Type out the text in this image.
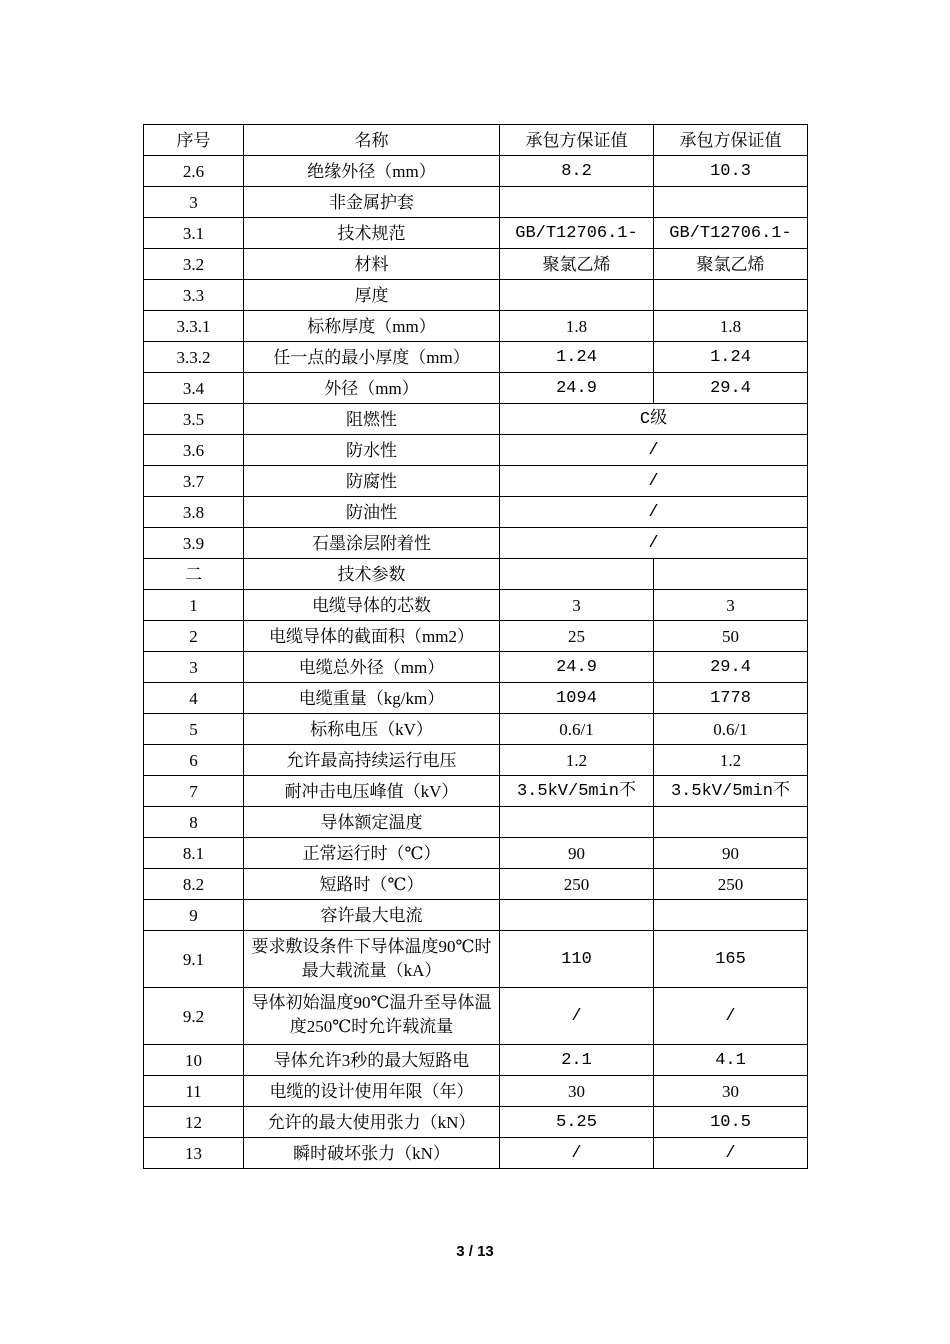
序号	名称	承包方保证值	承包方保证值
2.6	绝缘外径（mm）	8.2	10.3
3	非金属护套		
3.1	技术规范	GB/T12706.1-	GB/T12706.1-
3.2	材料	聚氯乙烯	聚氯乙烯
3.3	厚度		
3.3.1	标称厚度（mm）	1.8	1.8
3.3.2	任一点的最小厚度（mm）	1.24	1.24
3.4	外径（mm）	24.9	29.4
3.5	阻燃性	C级	
3.6	防水性	/	
3.7	防腐性	/	
3.8	防油性	/	
3.9	石墨涂层附着性	/	
二	技术参数		
1	电缆导体的芯数	3	3
2	电缆导体的截面积（mm2）	25	50
3	电缆总外径（mm）	24.9	29.4
4	电缆重量（kg/km）	1094	1778
5	标称电压（kV）	0.6/1	0.6/1
6	允许最高持续运行电压	1.2	1.2
7	耐冲击电压峰值（kV）	3.5kV/5min不	3.5kV/5min不

8	导体额定温度		
8.1	正常运行时（℃）	90	90
8.2	短路时（℃）	250	250
9	容许最大电流		
9.1	要求敷设条件下导体温度90℃时最大载流量（kA）	110	165
9.2	导体初始温度90℃温升至导体温度250℃时允许载流量	/	/
10	导体允许3秒的最大短路电	2.1	4.1
11	电缆的设计使用年限（年）	30	30
12	允许的最大使用张力（kN）	5.25	10.5
13	瞬时破坏张力（kN）	/	/
3 / 13
